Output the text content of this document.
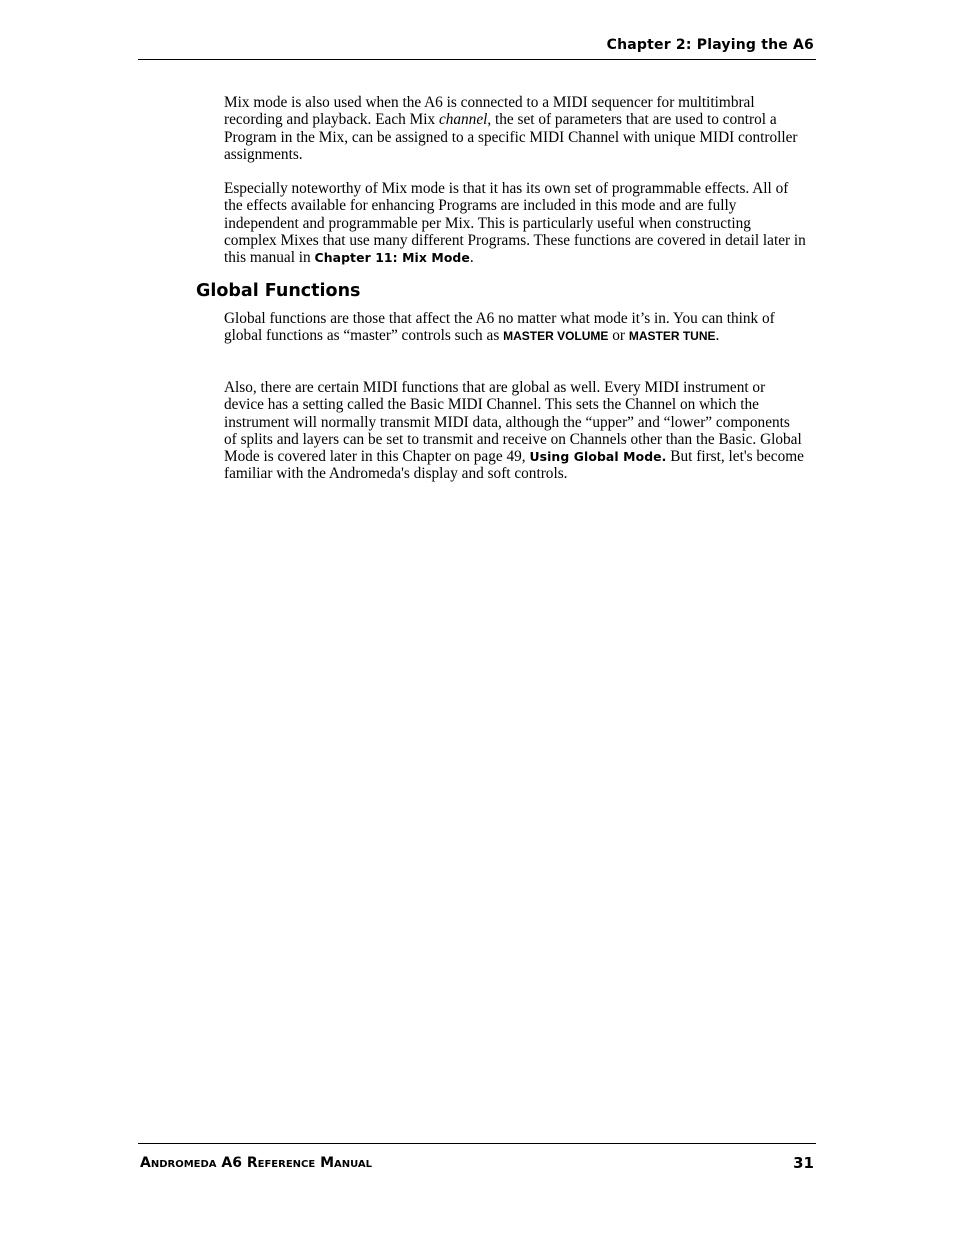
Chapter 2: Playing the A6

Mix mode is also used when the A6 is connected to a MIDI sequencer for multitimbral recording and playback. Each Mix channel, the set of parameters that are used to control a Program in the Mix, can be assigned to a specific MIDI Channel with unique MIDI controller assignments.

Especially noteworthy of Mix mode is that it has its own set of programmable effects. All of the effects available for enhancing Programs are included in this mode and are fully independent and programmable per Mix. This is particularly useful when constructing complex Mixes that use many different Programs. These functions are covered in detail later in this manual in Chapter 11: Mix Mode.

Global Functions

Global functions are those that affect the A6 no matter what mode it’s in. You can think of global functions as “master” controls such as MASTER VOLUME or MASTER TUNE.

Also, there are certain MIDI functions that are global as well. Every MIDI instrument or device has a setting called the Basic MIDI Channel. This sets the Channel on which the instrument will normally transmit MIDI data, although the “upper” and “lower” components of splits and layers can be set to transmit and receive on Channels other than the Basic. Global Mode is covered later in this Chapter on page 49, Using Global Mode. But first, let's become familiar with the Andromeda's display and soft controls.

Andromeda A6 Reference Manual	31
